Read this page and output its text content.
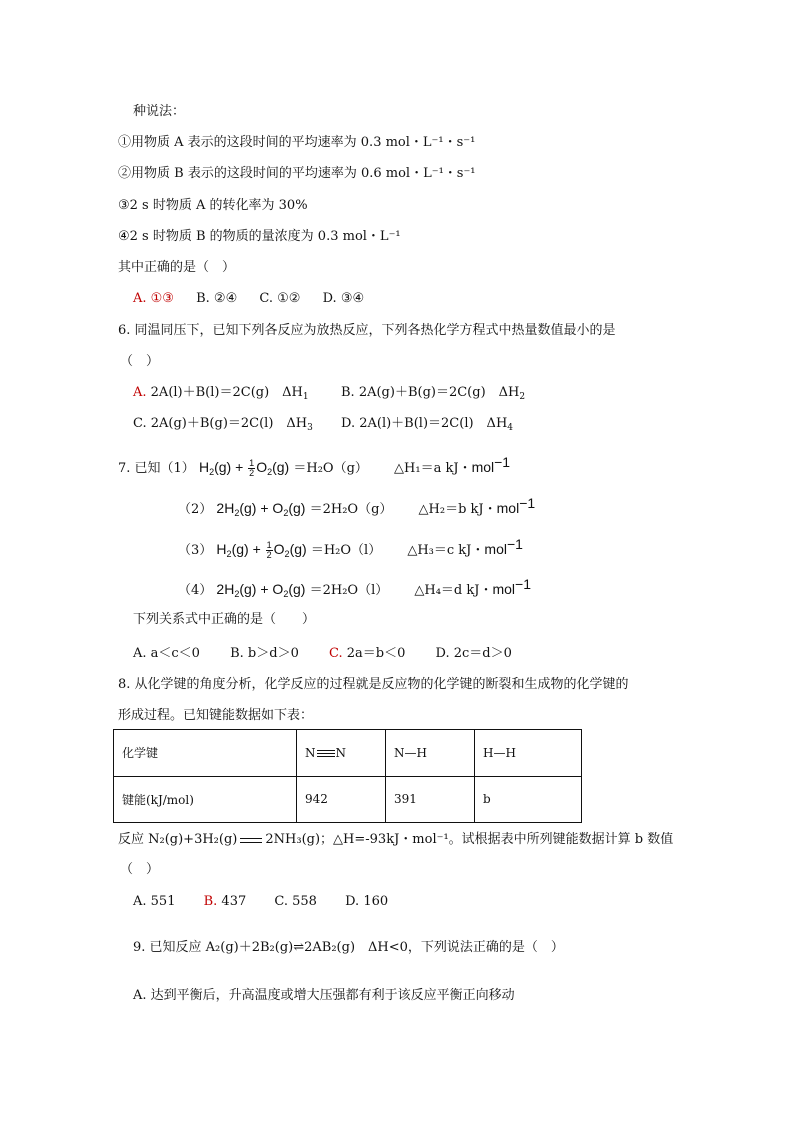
种说法：
①用物质 A 表示的这段时间的平均速率为 0.3 mol・L⁻¹・s⁻¹
②用物质 B 表示的这段时间的平均速率为 0.6 mol・L⁻¹・s⁻¹
③2 s 时物质 A 的转化率为 30%
④2 s 时物质 B 的物质的量浓度为 0.3 mol・L⁻¹
其中正确的是（　）
A. ①③ B. ②④ C. ①② D. ③④
6. 同温同压下，已知下列各反应为放热反应，下列各热化学方程式中热量数值最小的是
（　）
A. 2A(l)＋B(l)＝2C(g)　$\Delta H_1$ B. 2A(g)＋B(g)＝2C(g)　$\Delta H_2$
C. 2A(g)＋B(g)＝2C(l)　$\Delta H_3$ D. 2A(l)＋B(l)＝2C(l)　$\Delta H_4$
7. 已知（1） $H_2(g) + \frac{1}{2} O_2(g) =H_2O(g)$ △H₁＝a kJ・mol$^{-1}$
（2） $2H_2(g) + O_2(g) =2H_2O(g)$ △H₂＝b kJ・mol$^{-1}$
（3） $H_2(g) + \frac{1}{2} O_2(g) =H_2O(l)$ △H₃＝c kJ・mol$^{-1}$
（4） $2H_2(g) + O_2(g) =2H_2O(l)$ △H₄＝d kJ・mol$^{-1}$
下列关系式中正确的是（　　）
A. a＜c＜0 B. b＞d＞0 C. 2a＝b＜0 D. 2c＝d＞0
8. 从化学键的角度分析，化学反应的过程就是反应物的化学键的断裂和生成物的化学键的
形成过程。已知键能数据如下表：
化学键	N N	N—H	H—H
键能(kJ/mol)	942	391	b
反应 N₂(g)+3H₂(g) 2NH₃(g)；△H=-93kJ・mol⁻¹。试根据表中所列键能数据计算 b 数值
（　）
A. 551 B. 437 C. 558 D. 160
9. 已知反应 A₂(g)＋2B₂(g)⇌2AB₂(g)　ΔH<0，下列说法正确的是（　）
A. 达到平衡后，升高温度或增大压强都有利于该反应平衡正向移动
